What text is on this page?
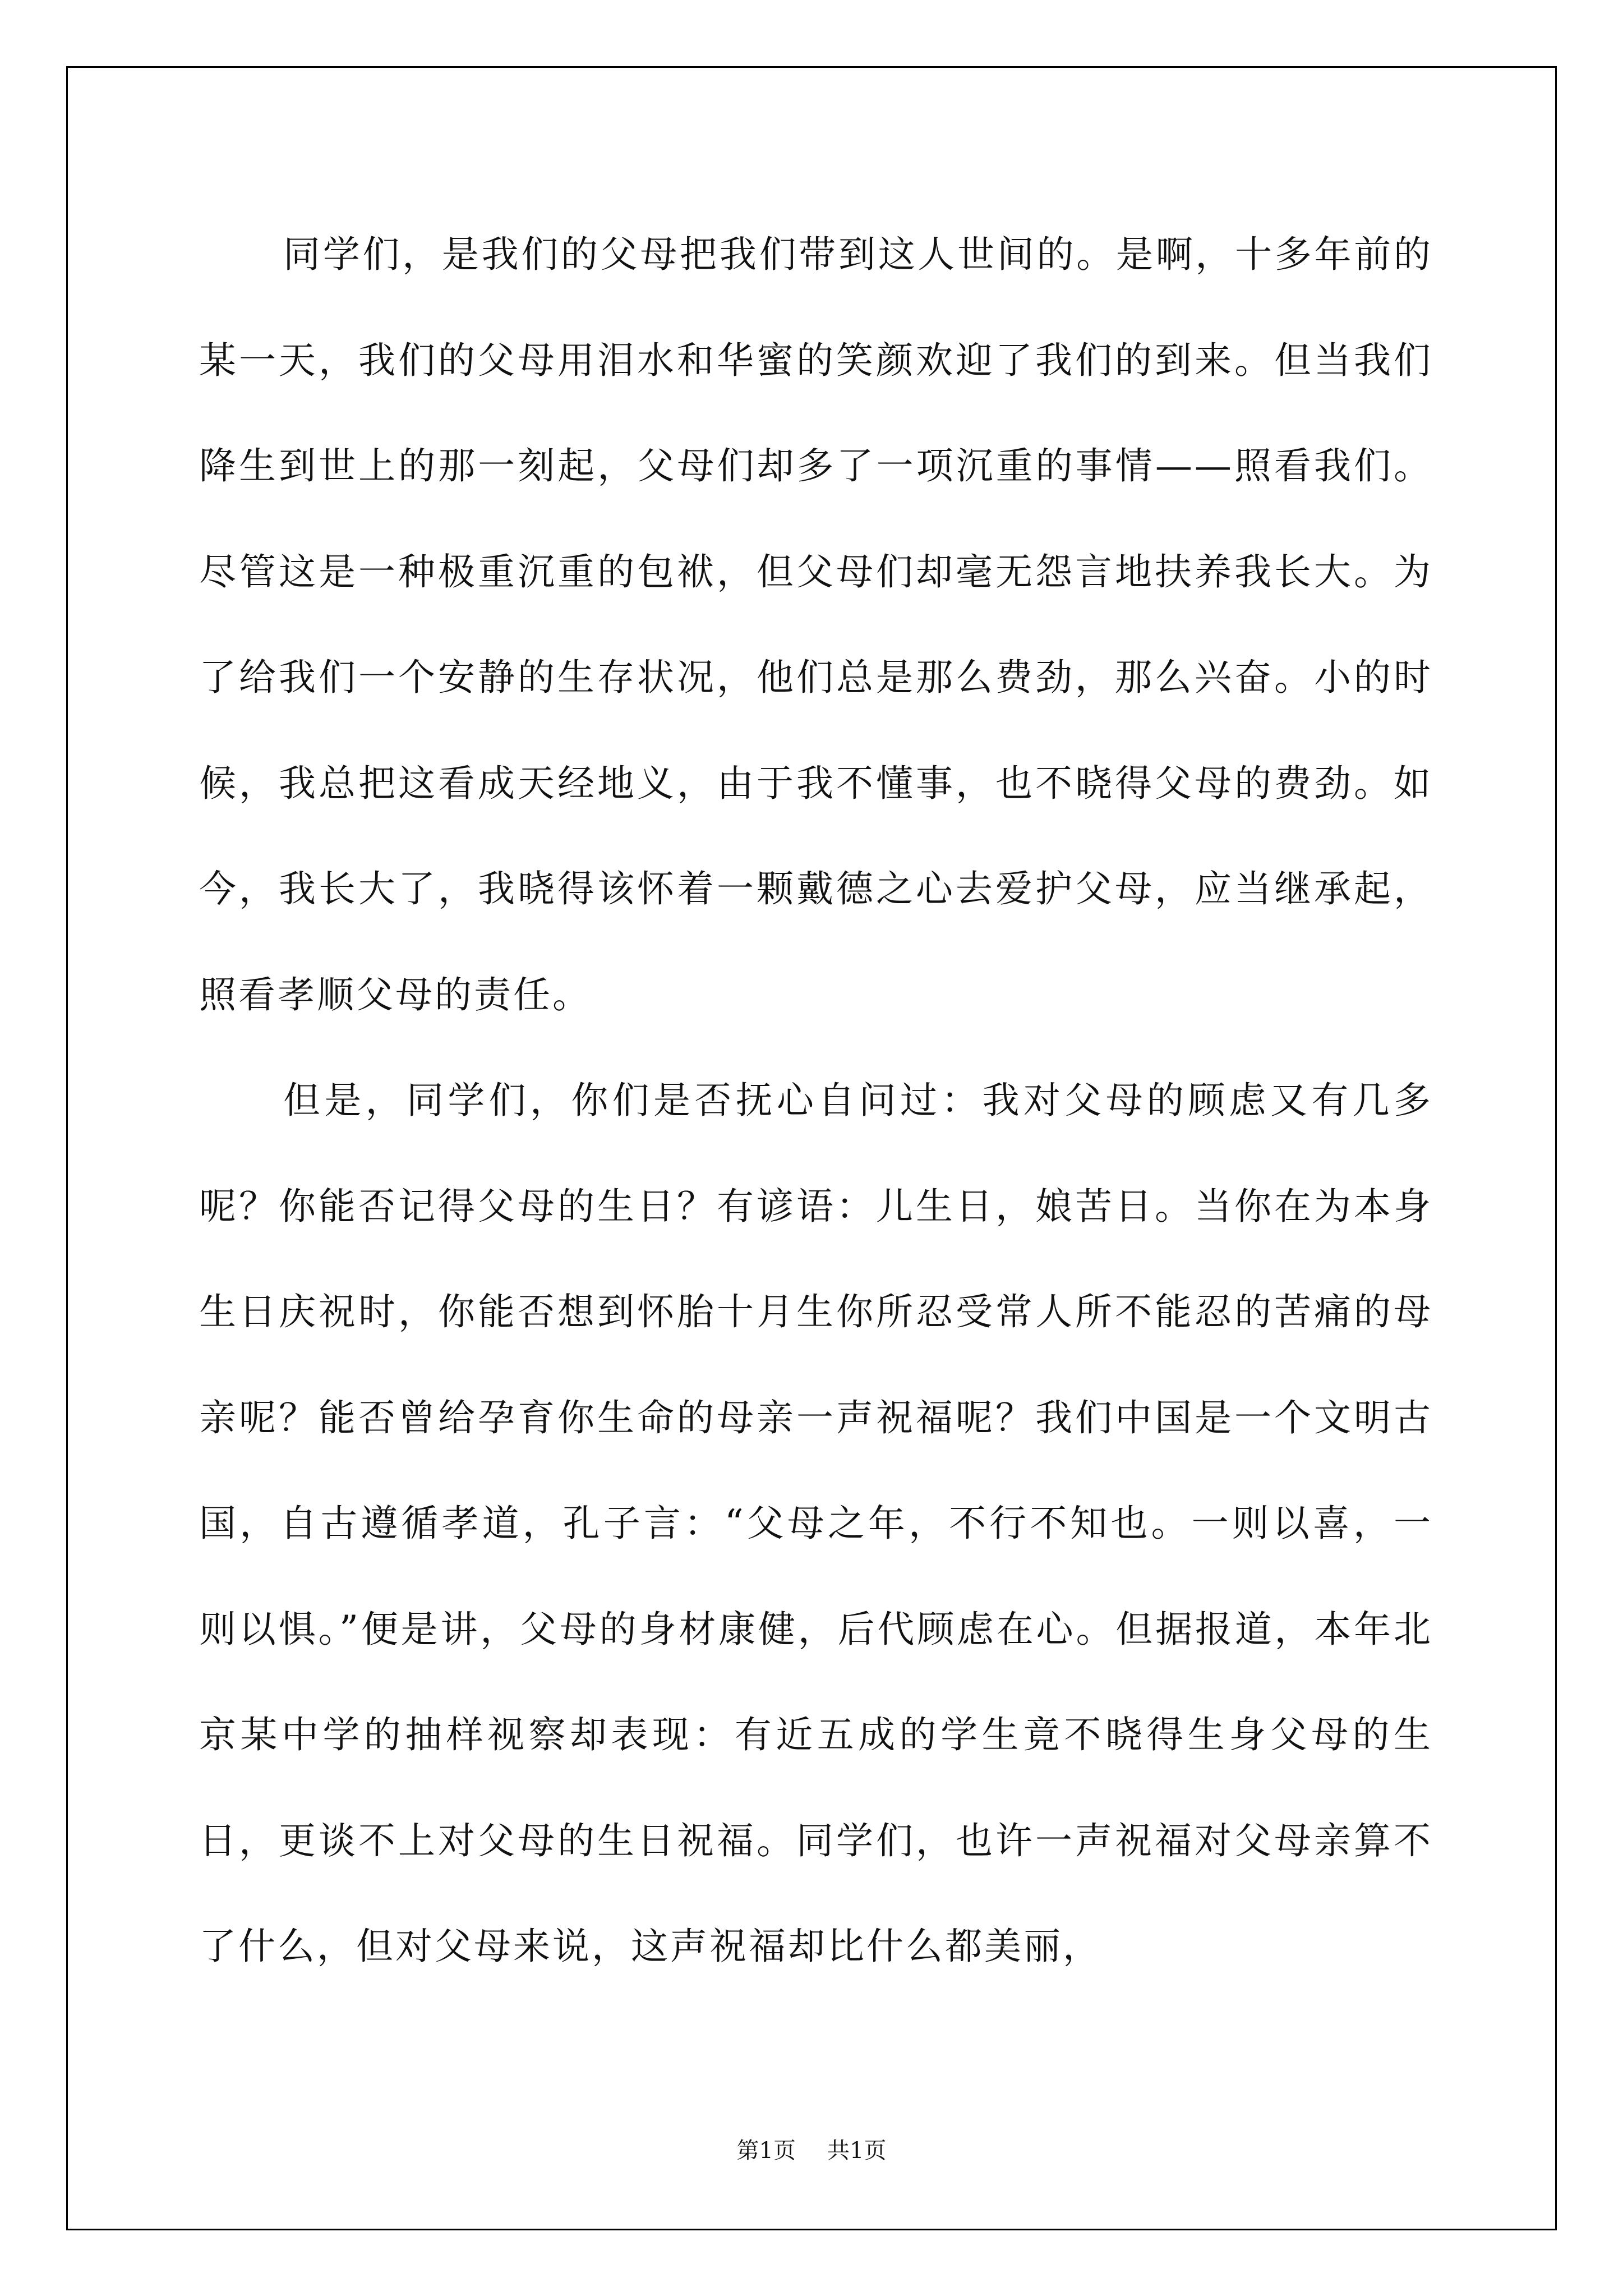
同学们，是我们的父母把我们带到这人世间的。是啊，十多年前的某一天，我们的父母用泪水和华蜜的笑颜欢迎了我们的到来。但当我们降生到世上的那一刻起，父母们却多了一项沉重的事情——照看我们。尽管这是一种极重沉重的包袱，但父母们却毫无怨言地扶养我长大。为了给我们一个安静的生存状况，他们总是那么费劲，那么兴奋。小的时候，我总把这看成天经地义，由于我不懂事，也不晓得父母的费劲。如今，我长大了，我晓得该怀着一颗戴德之心去爱护父母，应当继承起，照看孝顺父母的责任。

但是，同学们，你们是否抚心自问过：我对父母的顾虑又有几多呢？你能否记得父母的生日？有谚语：儿生日，娘苦日。当你在为本身生日庆祝时，你能否想到怀胎十月生你所忍受常人所不能忍的苦痛的母亲呢？能否曾给孕育你生命的母亲一声祝福呢？我们中国是一个文明古国，自古遵循孝道，孔子言：“父母之年，不行不知也。一则以喜，一则以惧。”便是讲，父母的身材康健，后代顾虑在心。但据报道，本年北京某中学的抽样视察却表现：有近五成的学生竟不晓得生身父母的生日，更谈不上对父母的生日祝福。同学们，也许一声祝福对父母亲算不了什么，但对父母来说，这声祝福却比什么都美丽，

第1页 共1页
